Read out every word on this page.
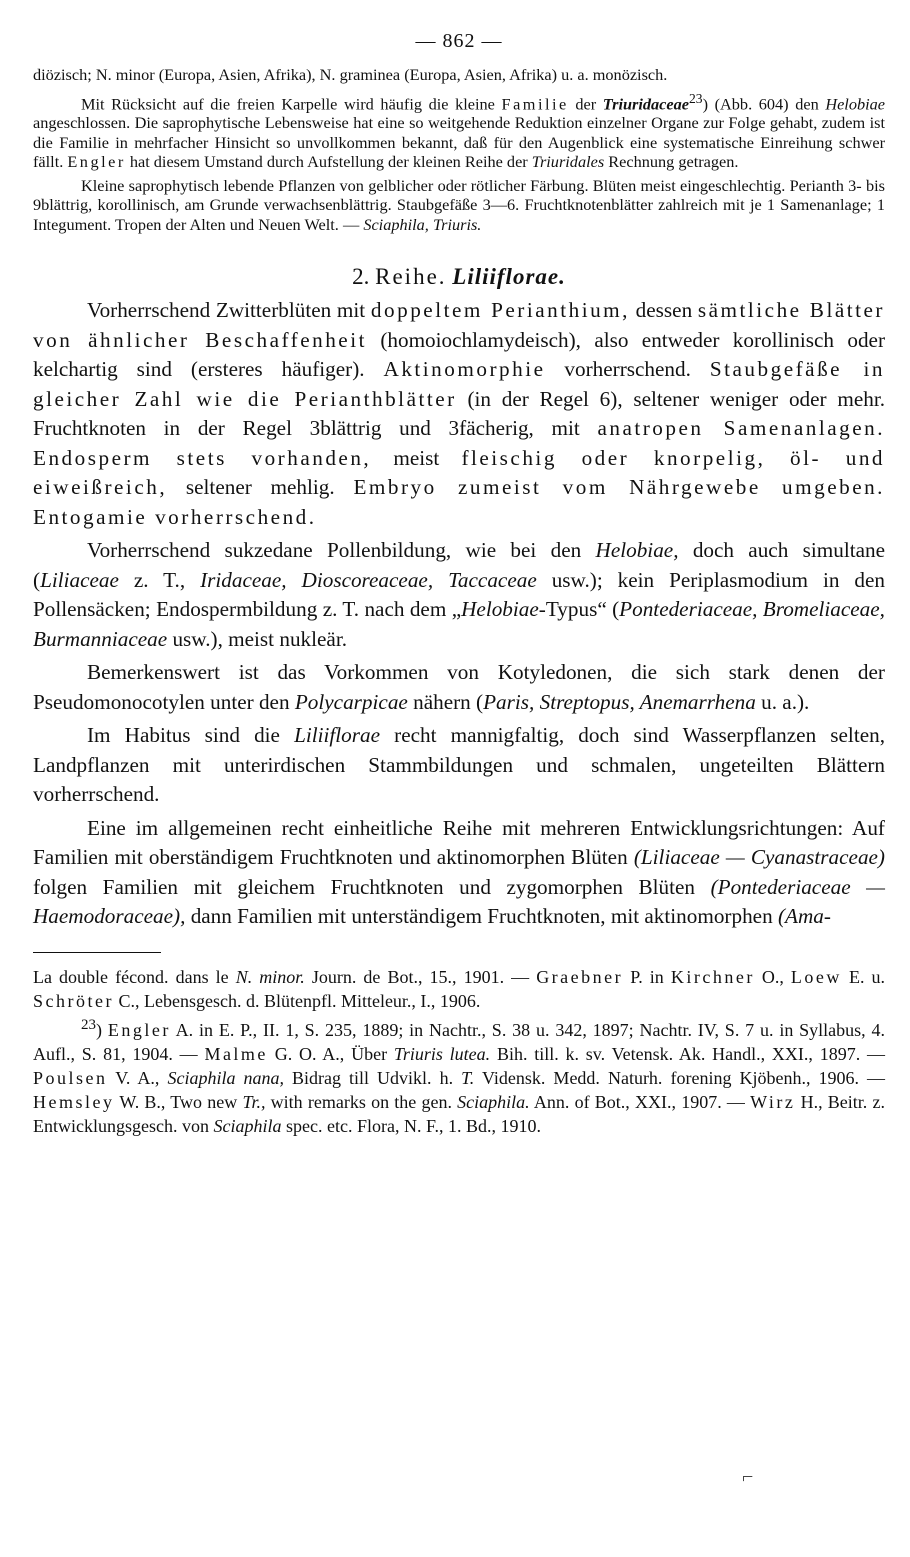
— 862 —

diözisch; N. minor (Europa, Asien, Afrika), N. graminea (Europa, Asien, Afrika) u. a. monözisch.

Mit Rücksicht auf die freien Karpelle wird häufig die kleine Familie der Triuridaceae$^{23}$) (Abb. 604) den Helobiae angeschlossen. Die saprophytische Lebensweise hat eine so weitgehende Reduktion einzelner Organe zur Folge gehabt, zudem ist die Familie in mehrfacher Hinsicht so unvollkommen bekannt, daß für den Augenblick eine systematische Einreihung schwer fällt. Engler hat diesem Umstand durch Aufstellung der kleinen Reihe der Triuridales Rechnung getragen.

Kleine saprophytisch lebende Pflanzen von gelblicher oder rötlicher Färbung. Blüten meist eingeschlechtig. Perianth 3- bis 9blättrig, korollinisch, am Grunde verwachsenblättrig. Staubgefäße 3—6. Fruchtknotenblätter zahlreich mit je 1 Samenanlage; 1 Integument. Tropen der Alten und Neuen Welt. — Sciaphila, Triuris.

2. Reihe. Liliiflorae.

Vorherrschend Zwitterblüten mit doppeltem Perianthium, dessen sämtliche Blätter von ähnlicher Beschaffenheit (homoiochlamydeisch), also entweder korollinisch oder kelchartig sind (ersteres häufiger). Aktinomorphie vorherrschend. Staubgefäße in gleicher Zahl wie die Perianthblätter (in der Regel 6), seltener weniger oder mehr. Fruchtknoten in der Regel 3blättrig und 3fächerig, mit anatropen Samenanlagen. Endosperm stets vorhanden, meist fleischig oder knorpelig, öl- und eiweißreich, seltener mehlig. Embryo zumeist vom Nährgewebe umgeben. Entogamie vorherrschend.

Vorherrschend sukzedane Pollenbildung, wie bei den Helobiae, doch auch simultane (Liliaceae z. T., Iridaceae, Dioscoreaceae, Taccaceae usw.); kein Periplasmodium in den Pollensäcken; Endospermbildung z. T. nach dem „Helobiae-Typus“ (Pontederiaceae, Bromeliaceae, Burmanniaceae usw.), meist nukleär.

Bemerkenswert ist das Vorkommen von Kotyledonen, die sich stark denen der Pseudomonocotylen unter den Polycarpicae nähern (Paris, Streptopus, Anemarrhena u. a.).

Im Habitus sind die Liliiflorae recht mannigfaltig, doch sind Wasserpflanzen selten, Landpflanzen mit unterirdischen Stammbildungen und schmalen, ungeteilten Blättern vorherrschend.

Eine im allgemeinen recht einheitliche Reihe mit mehreren Entwicklungsrichtungen: Auf Familien mit oberständigem Fruchtknoten und aktinomorphen Blüten (Liliaceae — Cyanastraceae) folgen Familien mit gleichem Fruchtknoten und zygomorphen Blüten (Pontederiaceae — Haemodoraceae), dann Familien mit unterständigem Fruchtknoten, mit aktinomorphen (Ama-

La double fécond. dans le N. minor. Journ. de Bot., 15., 1901. — Graebner P. in Kirchner O., Loew E. u. Schröter C., Lebensgesch. d. Blütenpfl. Mitteleur., I., 1906.

$^{23}$) Engler A. in E. P., II. 1, S. 235, 1889; in Nachtr., S. 38 u. 342, 1897; Nachtr. IV, S. 7 u. in Syllabus, 4. Aufl., S. 81, 1904. — Malme G. O. A., Über Triuris lutea. Bih. till. k. sv. Vetensk. Ak. Handl., XXI., 1897. — Poulsen V. A., Sciaphila nana, Bidrag till Udvikl. h. T. Vidensk. Medd. Naturh. forening Kjöbenh., 1906. — Hemsley W. B., Two new Tr., with remarks on the gen. Sciaphila. Ann. of Bot., XXI., 1907. — Wirz H., Beitr. z. Entwicklungsgesch. von Sciaphila spec. etc. Flora, N. F., 1. Bd., 1910.

⌐
